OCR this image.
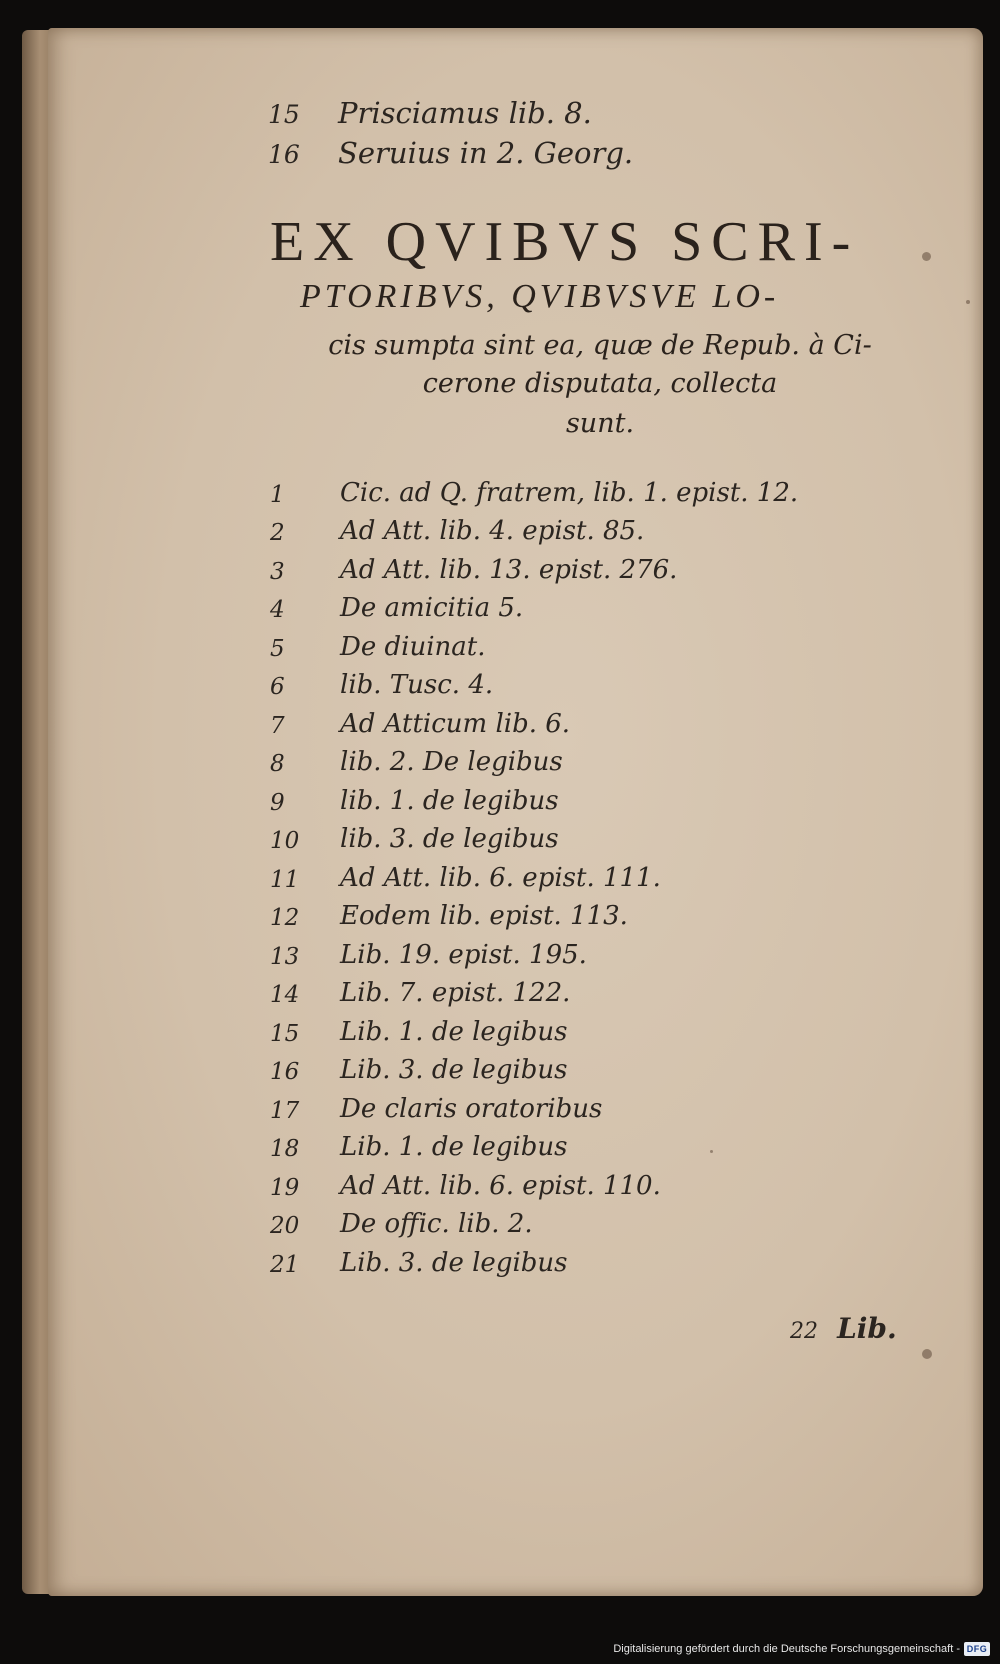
15	Prisciamus lib. 8.
16	Seruius in 2. Georg.
EX QVIBVS SCRI-
PTORIBVS, QVIBVSVE LO-
cis sumpta sint ea, quæ de Repub. à Ci-
cerone disputata, collecta
sunt.
1	Cic. ad Q. fratrem, lib. 1. epist. 12.
2	Ad Att. lib. 4. epist. 85.
3	Ad Att. lib. 13. epist. 276.
4	De amicitia 5.
5	De diuinat.
6	lib. Tusc. 4.
7	Ad Atticum lib. 6.
8	lib. 2. De legibus
9	lib. 1. de legibus
10	lib. 3. de legibus
11	Ad Att. lib. 6. epist. 111.
12	Eodem lib. epist. 113.
13	Lib. 19. epist. 195.
14	Lib. 7. epist. 122.
15	Lib. 1. de legibus
16	Lib. 3. de legibus
17	De claris oratoribus
18	Lib. 1. de legibus
19	Ad Att. lib. 6. epist. 110.
20	De offic. lib. 2.
21	Lib. 3. de legibus
22 Lib.
Digitalisierung gefördert durch die Deutsche Forschungsgemeinschaft - DFG
